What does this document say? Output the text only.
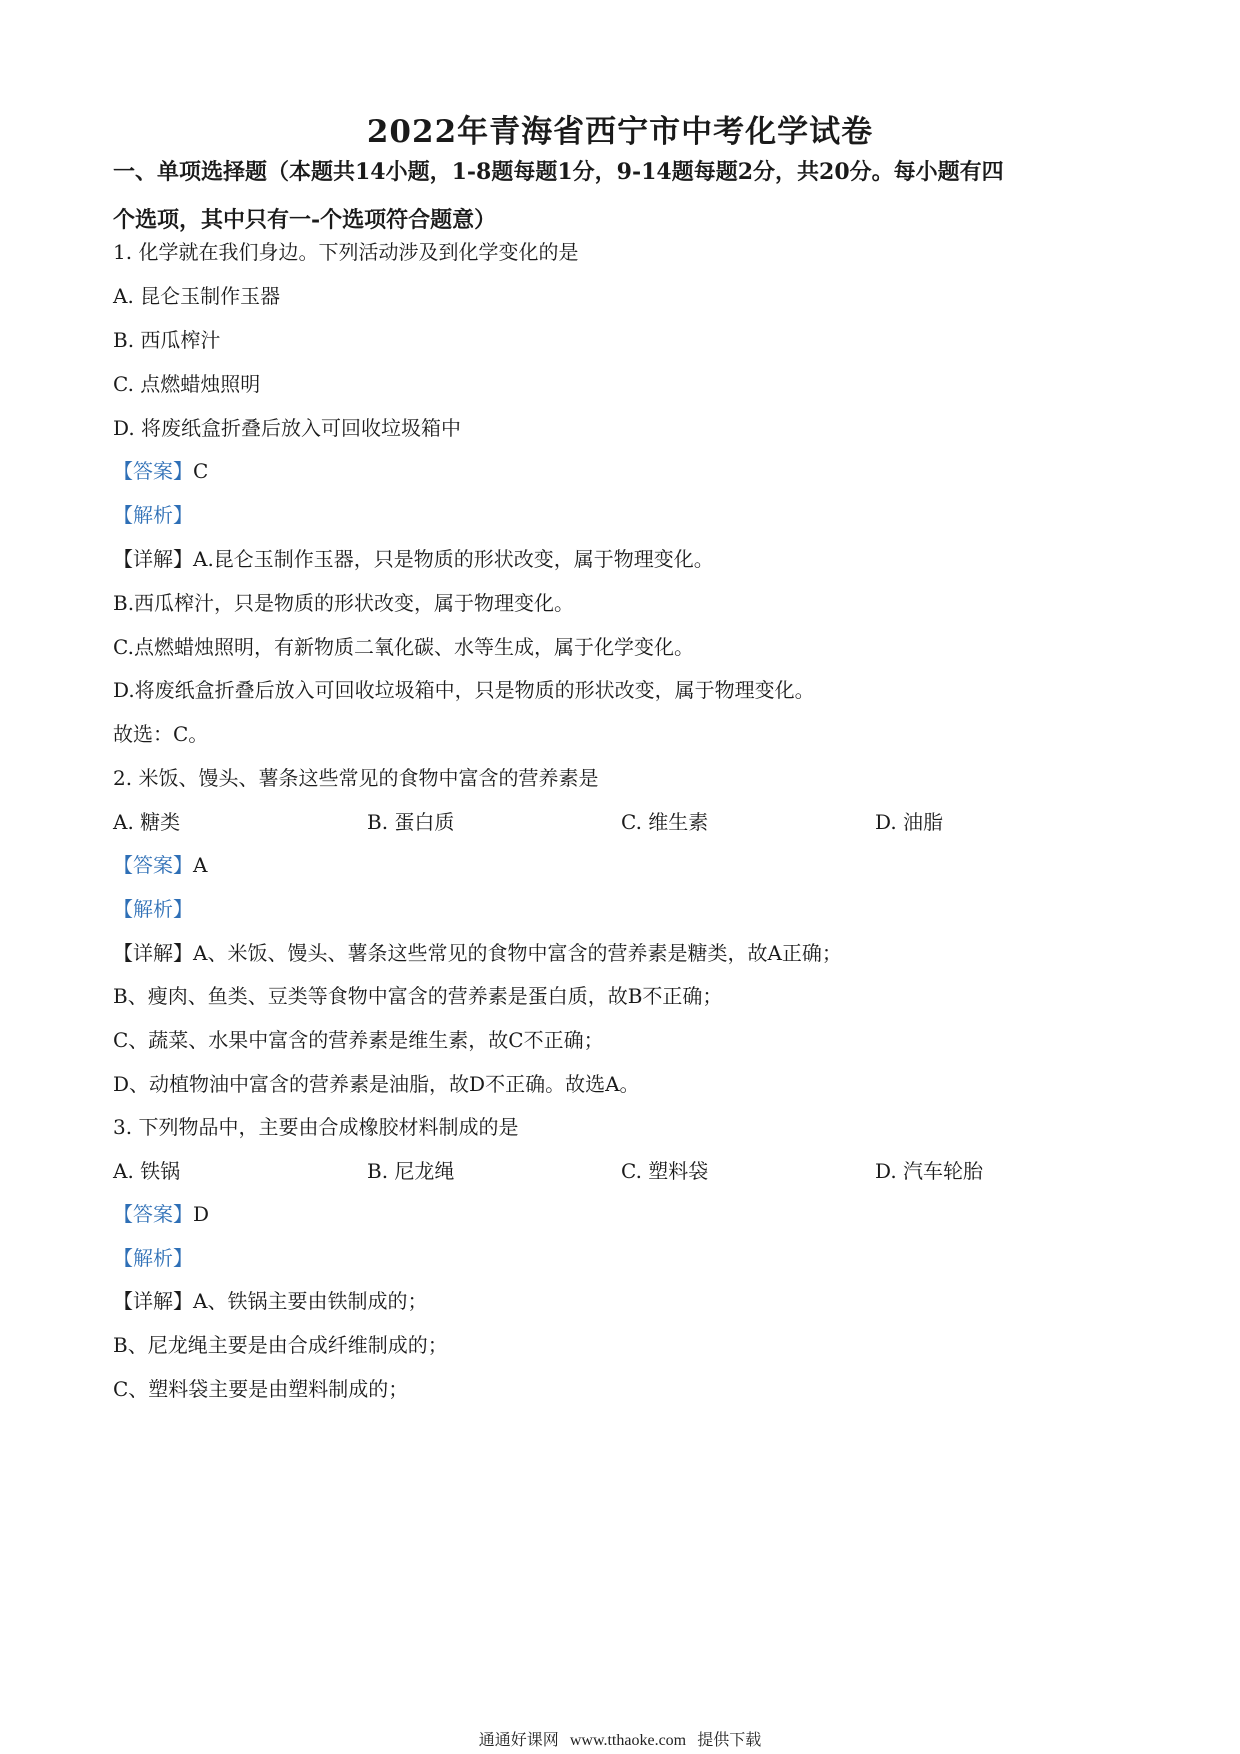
2022年青海省西宁市中考化学试卷
一、单项选择题（本题共14小题，1-8题每题1分，9-14题每题2分，共20分。每小题有四
个选项，其中只有一-个选项符合题意）
1. 化学就在我们身边。下列活动涉及到化学变化的是
A. 昆仑玉制作玉器
B. 西瓜榨汁
C. 点燃蜡烛照明
D. 将废纸盒折叠后放入可回收垃圾箱中
【答案】C
【解析】
【详解】A.昆仑玉制作玉器，只是物质的形状改变，属于物理变化。
B.西瓜榨汁，只是物质的形状改变，属于物理变化。
C.点燃蜡烛照明，有新物质二氧化碳、水等生成，属于化学变化。
D.将废纸盒折叠后放入可回收垃圾箱中，只是物质的形状改变，属于物理变化。
故选：C。
2. 米饭、馒头、薯条这些常见的食物中富含的营养素是
A. 糖类	B. 蛋白质	C. 维生素	D. 油脂
【答案】A
【解析】
【详解】A、米饭、馒头、薯条这些常见的食物中富含的营养素是糖类，故A正确；
B、瘦肉、鱼类、豆类等食物中富含的营养素是蛋白质，故B不正确；
C、蔬菜、水果中富含的营养素是维生素，故C不正确；
D、动植物油中富含的营养素是油脂，故D不正确。故选A。
3. 下列物品中，主要由合成橡胶材料制成的是
A. 铁锅	B. 尼龙绳	C. 塑料袋	D. 汽车轮胎
【答案】D
【解析】
【详解】A、铁锅主要由铁制成的；
B、尼龙绳主要是由合成纤维制成的；
C、塑料袋主要是由塑料制成的；
通通好课网 www.tthaoke.com 提供下载
